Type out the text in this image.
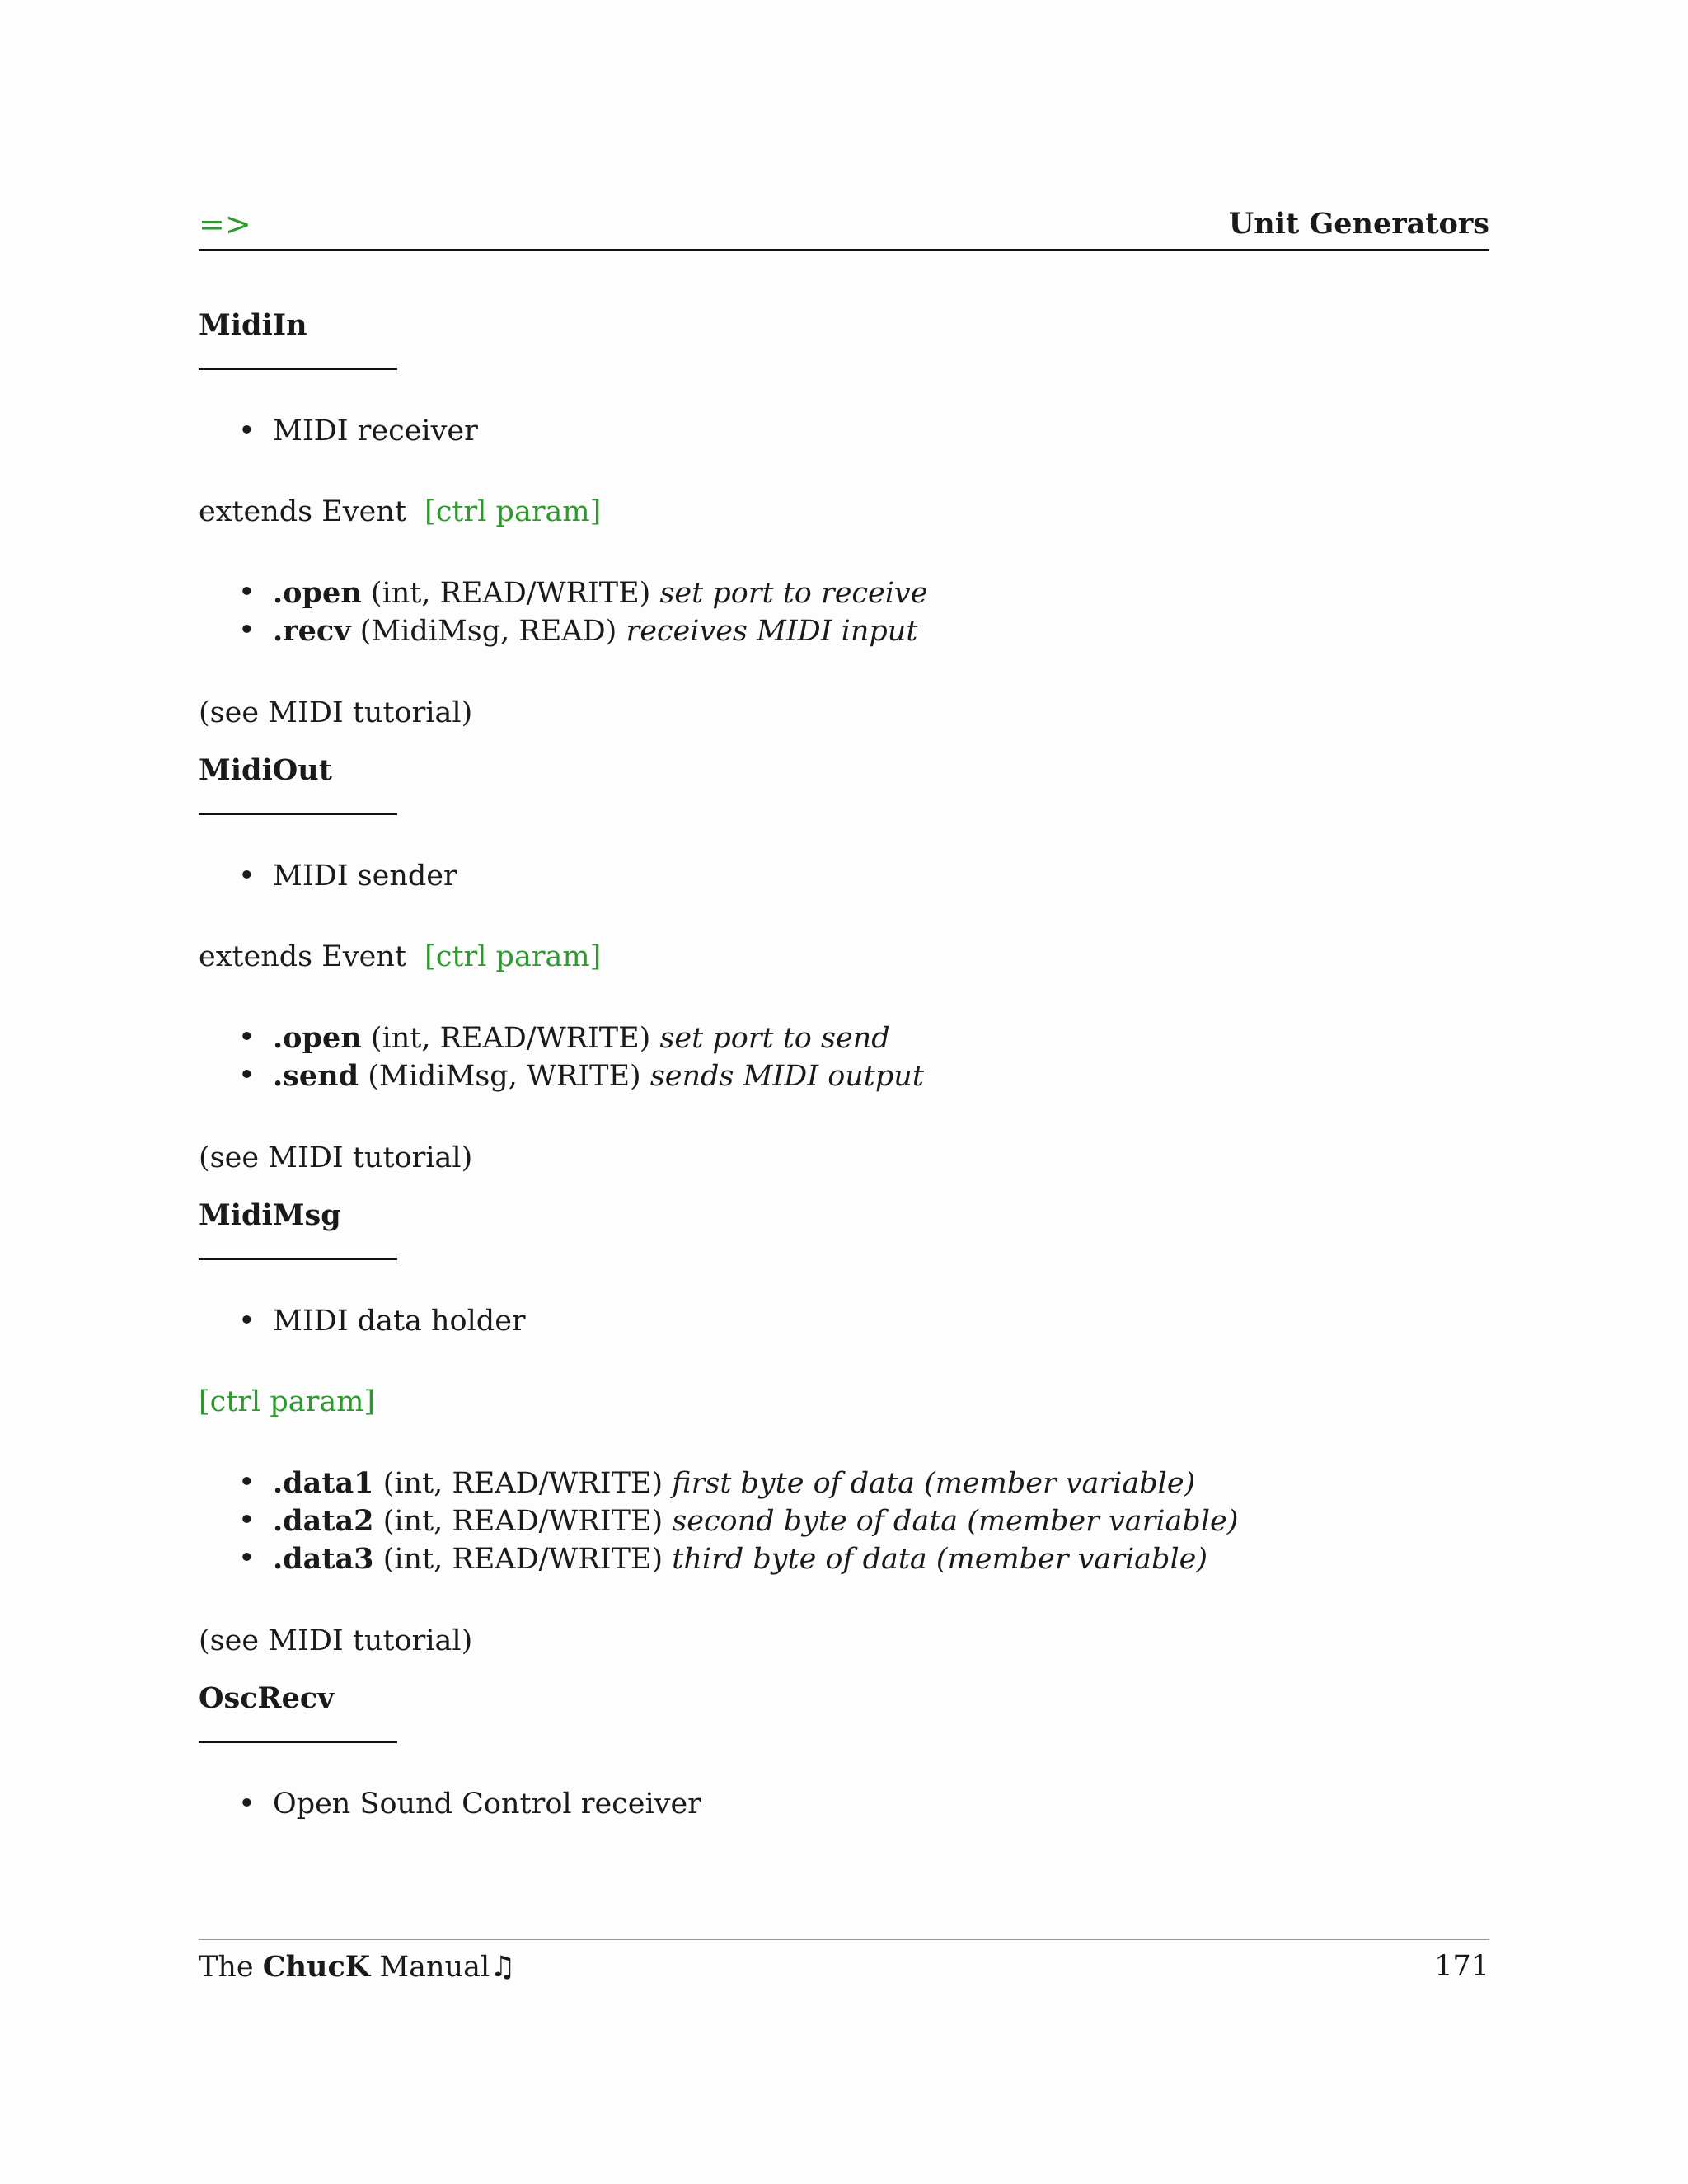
=>	Unit Generators
MidiIn
• MIDI receiver
extends Event [ctrl param]
• .open (int, READ/WRITE) set port to receive
• .recv (MidiMsg, READ) receives MIDI input
(see MIDI tutorial)
MidiOut
• MIDI sender
extends Event [ctrl param]
• .open (int, READ/WRITE) set port to send
• .send (MidiMsg, WRITE) sends MIDI output
(see MIDI tutorial)
MidiMsg
• MIDI data holder
[ctrl param]
• .data1 (int, READ/WRITE) first byte of data (member variable)
• .data2 (int, READ/WRITE) second byte of data (member variable)
• .data3 (int, READ/WRITE) third byte of data (member variable)
(see MIDI tutorial)
OscRecv
• Open Sound Control receiver
The ChucK Manual♫	171
